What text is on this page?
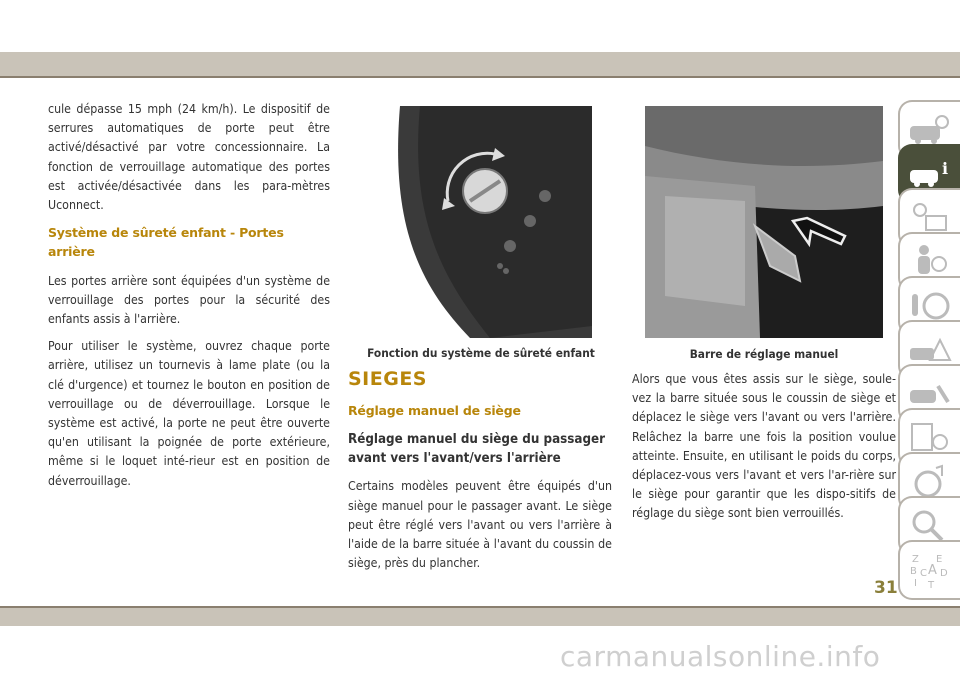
cule dépasse 15 mph (24 km/h). Le dispositif de serrures automatiques de porte peut être activé/désactivé par votre concessionnaire. La fonction de verrouillage automatique des portes est activée/désactivée dans les para-mètres Uconnect.

Système de sûreté enfant - Portes arrière

Les portes arrière sont équipées d'un système de verrouillage des portes pour la sécurité des enfants assis à l'arrière.

Pour utiliser le système, ouvrez chaque porte arrière, utilisez un tournevis à lame plate (ou la clé d'urgence) et tournez le bouton en position de verrouillage ou de déverrouillage. Lorsque le système est activé, la porte ne peut être ouverte qu'en utilisant la poignée de porte extérieure, même si le loquet inté-rieur est en position de déverrouillage.

Fonction du système de sûreté enfant
SIEGES
Réglage manuel de siège
Réglage manuel du siège du passager avant vers l'avant/vers l'arrière

Certains modèles peuvent être équipés d'un siège manuel pour le passager avant. Le siège peut être réglé vers l'avant ou vers l'arrière à l'aide de la barre située à l'avant du coussin de siège, près du plancher.

Barre de réglage manuel

Alors que vous êtes assis sur le siège, soule-vez la barre située sous le coussin de siège et déplacez le siège vers l'avant ou vers l'arrière. Relâchez la barre une fois la position voulue atteinte. Ensuite, en utilisant le poids du corps, déplacez-vous vers l'avant et vers l'ar-rière sur le siège pour garantir que les dispo-sitifs de réglage du siège sont bien verrouillés.

i
Z E
B C A D
I T
31
carmanualsonline.info
